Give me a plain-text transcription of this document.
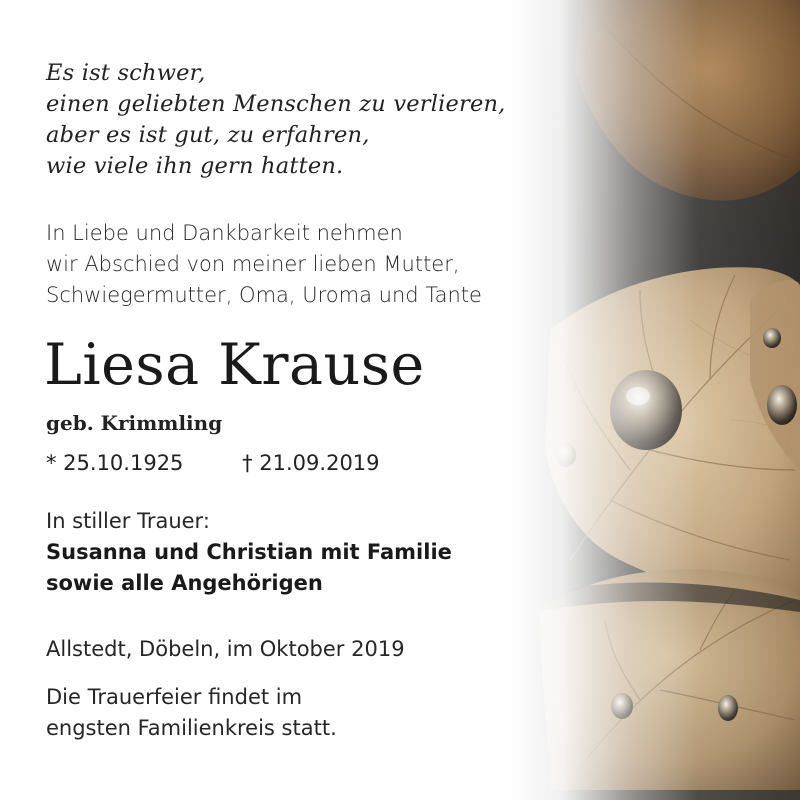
Es ist schwer,
einen geliebten Menschen zu verlieren,
aber es ist gut, zu erfahren,
wie viele ihn gern hatten.
In Liebe und Dankbarkeit nehmen
wir Abschied von meiner lieben Mutter,
Schwiegermutter, Oma, Uroma und Tante
Liesa Krause
geb. Krimmling
* 25.10.1925	† 21.09.2019
In stiller Trauer:
Susanna und Christian mit Familie
sowie alle Angehörigen
Allstedt, Döbeln, im Oktober 2019
Die Trauerfeier findet im
engsten Familienkreis statt.
